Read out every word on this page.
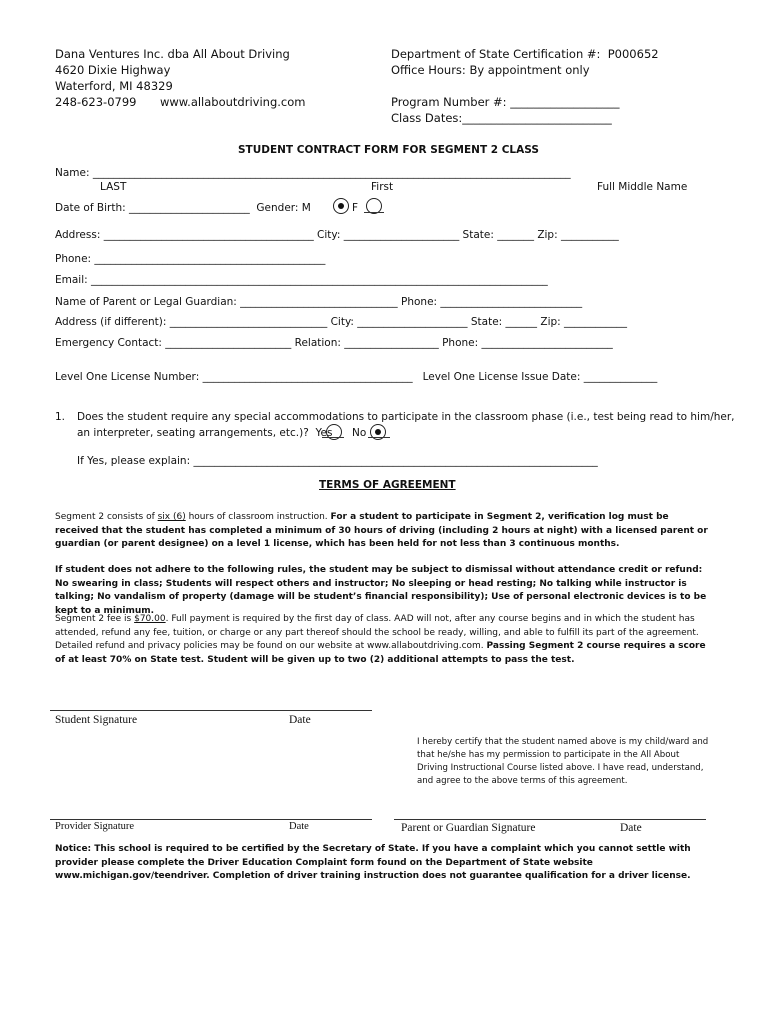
Dana Ventures Inc. dba All About Driving
4620 Dixie Highway
Waterford, MI 48329
248-623-0799 www.allaboutdriving.com
Department of State Certification #:  P000652
Office Hours: By appointment only
Program Number #: ___________________
Class Dates:__________________________
STUDENT CONTRACT FORM FOR SEGMENT 2 CLASS
Name: ___________________________________________________________________________________________
LAST	First	Full Middle Name
Date of Birth: _______________________  Gender: M	F
Address: ________________________________________ City: ______________________ State: _______ Zip: ___________
Phone: ____________________________________________
Email: _______________________________________________________________________________________
Name of Parent or Legal Guardian: ______________________________ Phone: ___________________________
Address (if different): ______________________________ City: _____________________ State: ______ Zip: ____________
Emergency Contact: ________________________ Relation: __________________ Phone: _________________________
Level One License Number: ________________________________________   Level One License Issue Date: ______________
1. Does the student require any special accommodations to participate in the classroom phase (i.e., test being read to him/her,
an interpreter, seating arrangements, etc.)?  Yes No
If Yes, please explain: _____________________________________________________________________________
TERMS OF AGREEMENT
Segment 2 consists of six (6) hours of classroom instruction. For a student to participate in Segment 2, verification log must be received that the student has completed a minimum of 30 hours of driving (including 2 hours at night) with a licensed parent or guardian (or parent designee) on a level 1 license, which has been held for not less than 3 continuous months.
If student does not adhere to the following rules, the student may be subject to dismissal without attendance credit or refund: No swearing in class; Students will respect others and instructor; No sleeping or head resting; No talking while instructor is talking; No vandalism of property (damage will be student’s financial responsibility); Use of personal electronic devices is to be kept to a minimum.
Segment 2 fee is $70.00. Full payment is required by the first day of class. AAD will not, after any course begins and in which the student has attended, refund any fee, tuition, or charge or any part thereof should the school be ready, willing, and able to fulfill its part of the agreement. Detailed refund and privacy policies may be found on our website at www.allaboutdriving.com. Passing Segment 2 course requires a score of at least 70% on State test. Student will be given up to two (2) additional attempts to pass the test.
Student Signature	Date
I hereby certify that the student named above is my child/ward and that he/she has my permission to participate in the All About Driving Instructional Course listed above. I have read, understand, and agree to the above terms of this agreement.
Provider Signature	Date	Parent or Guardian Signature	Date
Notice: This school is required to be certified by the Secretary of State. If you have a complaint which you cannot settle with provider please complete the Driver Education Complaint form found on the Department of State website www.michigan.gov/teendriver. Completion of driver training instruction does not guarantee qualification for a driver license.
